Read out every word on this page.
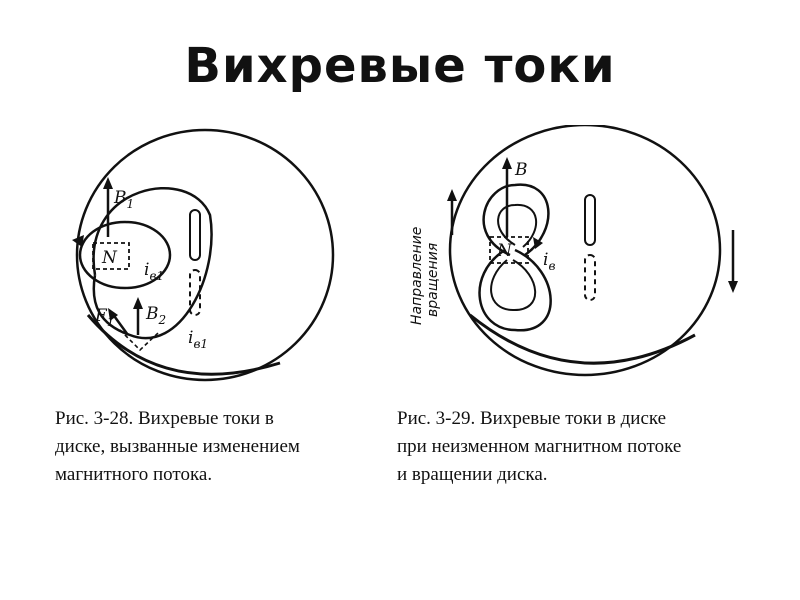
Вихревые токи
N
$B_1$
$i_{в1}$
$F_1$ $B_2$
$i_{в1}$
N
B
$i_в$
Направление вращения
Рис. 3-28. Вихревые токи в
диске, вызванные изменением
магнитного потока.
Рис. 3-29. Вихревые токи в диске
при неизменном магнитном потоке
и вращении диска.
